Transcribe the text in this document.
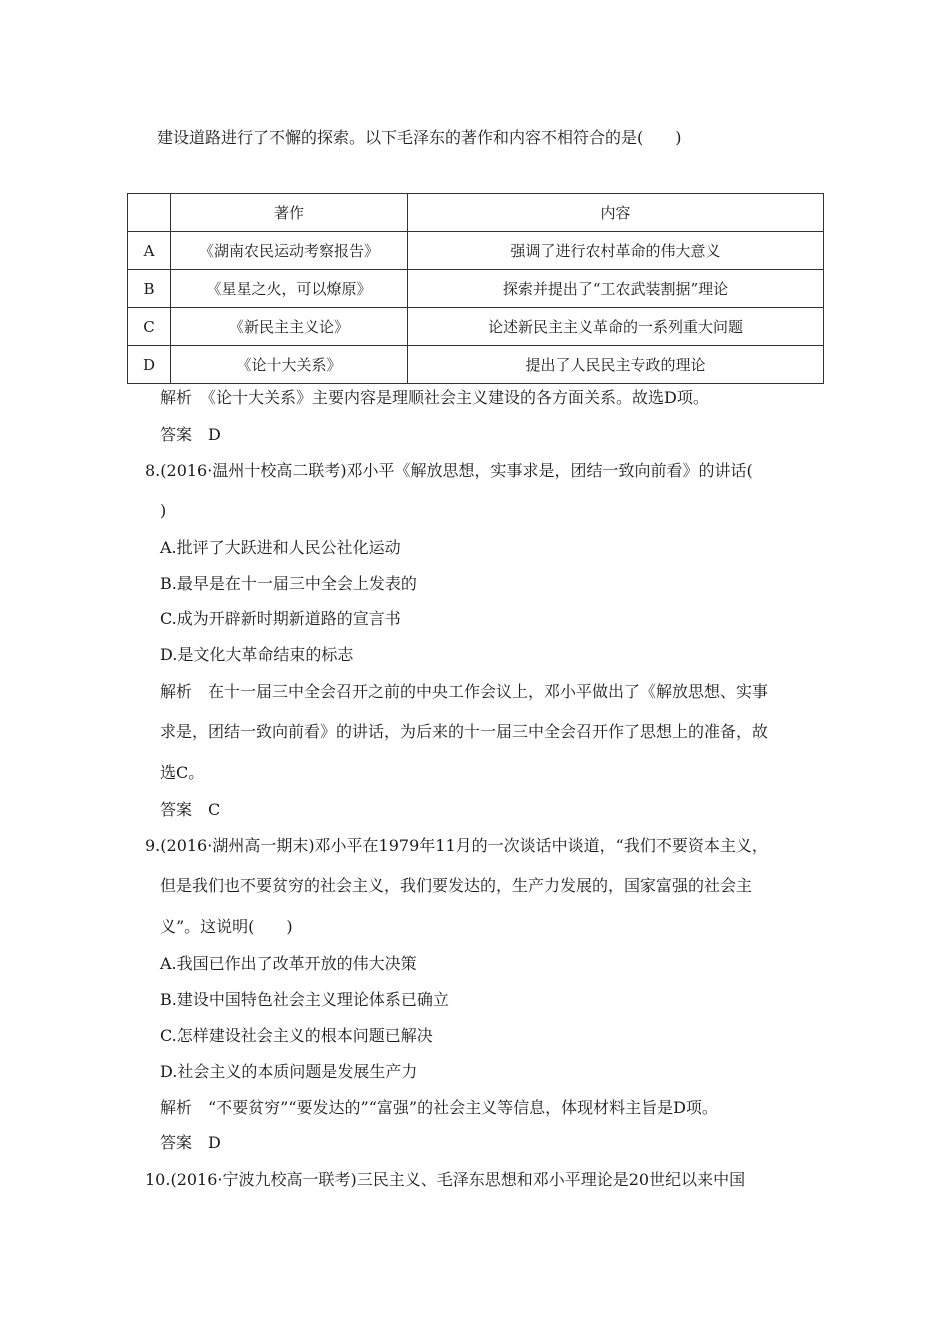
建设道路进行了不懈的探索。以下毛泽东的著作和内容不相符合的是(　　)
	著作	内容
A	《湖南农民运动考察报告》	强调了进行农村革命的伟大意义
B	《星星之火，可以燎原》	探索并提出了“工农武装割据”理论
C	《新民主主义论》	论述新民主主义革命的一系列重大问题
D	《论十大关系》	提出了人民民主专政的理论
解析　《论十大关系》主要内容是理顺社会主义建设的各方面关系。故选D项。
答案　D
8.(2016·温州十校高二联考)邓小平《解放思想，实事求是，团结一致向前看》的讲话(
)
A.批评了大跃进和人民公社化运动
B.最早是在十一届三中全会上发表的
C.成为开辟新时期新道路的宣言书
D.是文化大革命结束的标志
解析　在十一届三中全会召开之前的中央工作会议上，邓小平做出了《解放思想、实事
求是，团结一致向前看》的讲话，为后来的十一届三中全会召开作了思想上的准备，故
选C。
答案　C
9.(2016·湖州高一期末)邓小平在1979年11月的一次谈话中谈道，“我们不要资本主义，
但是我们也不要贫穷的社会主义，我们要发达的，生产力发展的，国家富强的社会主
义”。这说明(　　)
A.我国已作出了改革开放的伟大决策
B.建设中国特色社会主义理论体系已确立
C.怎样建设社会主义的根本问题已解决
D.社会主义的本质问题是发展生产力
解析　“不要贫穷”“要发达的”“富强”的社会主义等信息，体现材料主旨是D项。
答案　D
10.(2016·宁波九校高一联考)三民主义、毛泽东思想和邓小平理论是20世纪以来中国
